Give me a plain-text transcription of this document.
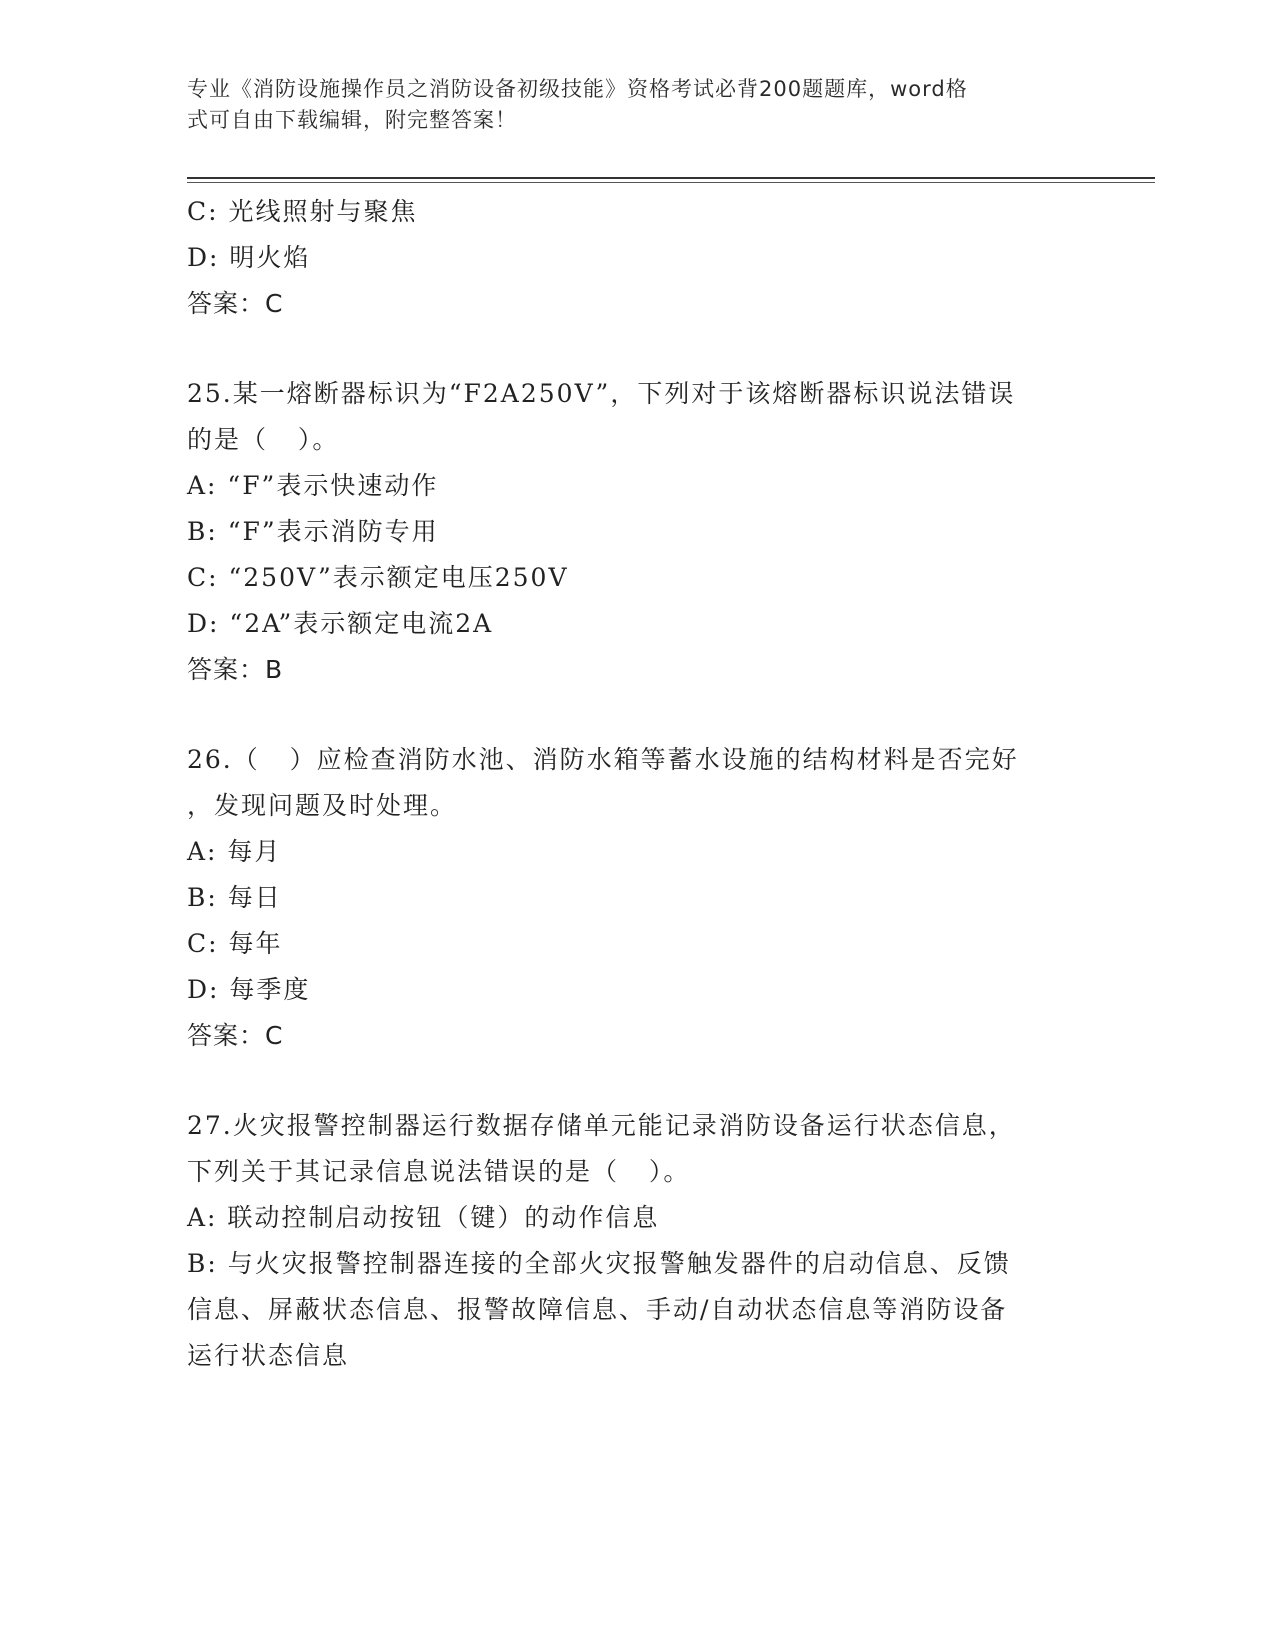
专业《消防设施操作员之消防设备初级技能》资格考试必背200题题库，word格
式可自由下载编辑，附完整答案！
C: 光线照射与聚焦
D: 明火焰
答案：C
25.某一熔断器标识为“F2A250V”，下列对于该熔断器标识说法错误
的是（   ）。
A: “F”表示快速动作
B: “F”表示消防专用
C: “250V”表示额定电压250V
D: “2A”表示额定电流2A
答案：B
26.（   ）应检查消防水池、消防水箱等蓄水设施的结构材料是否完好
，发现问题及时处理。
A: 每月
B: 每日
C: 每年
D: 每季度
答案：C
27.火灾报警控制器运行数据存储单元能记录消防设备运行状态信息，
下列关于其记录信息说法错误的是（   ）。
A: 联动控制启动按钮（键）的动作信息
B: 与火灾报警控制器连接的全部火灾报警触发器件的启动信息、反馈
信息、屏蔽状态信息、报警故障信息、手动/自动状态信息等消防设备
运行状态信息
